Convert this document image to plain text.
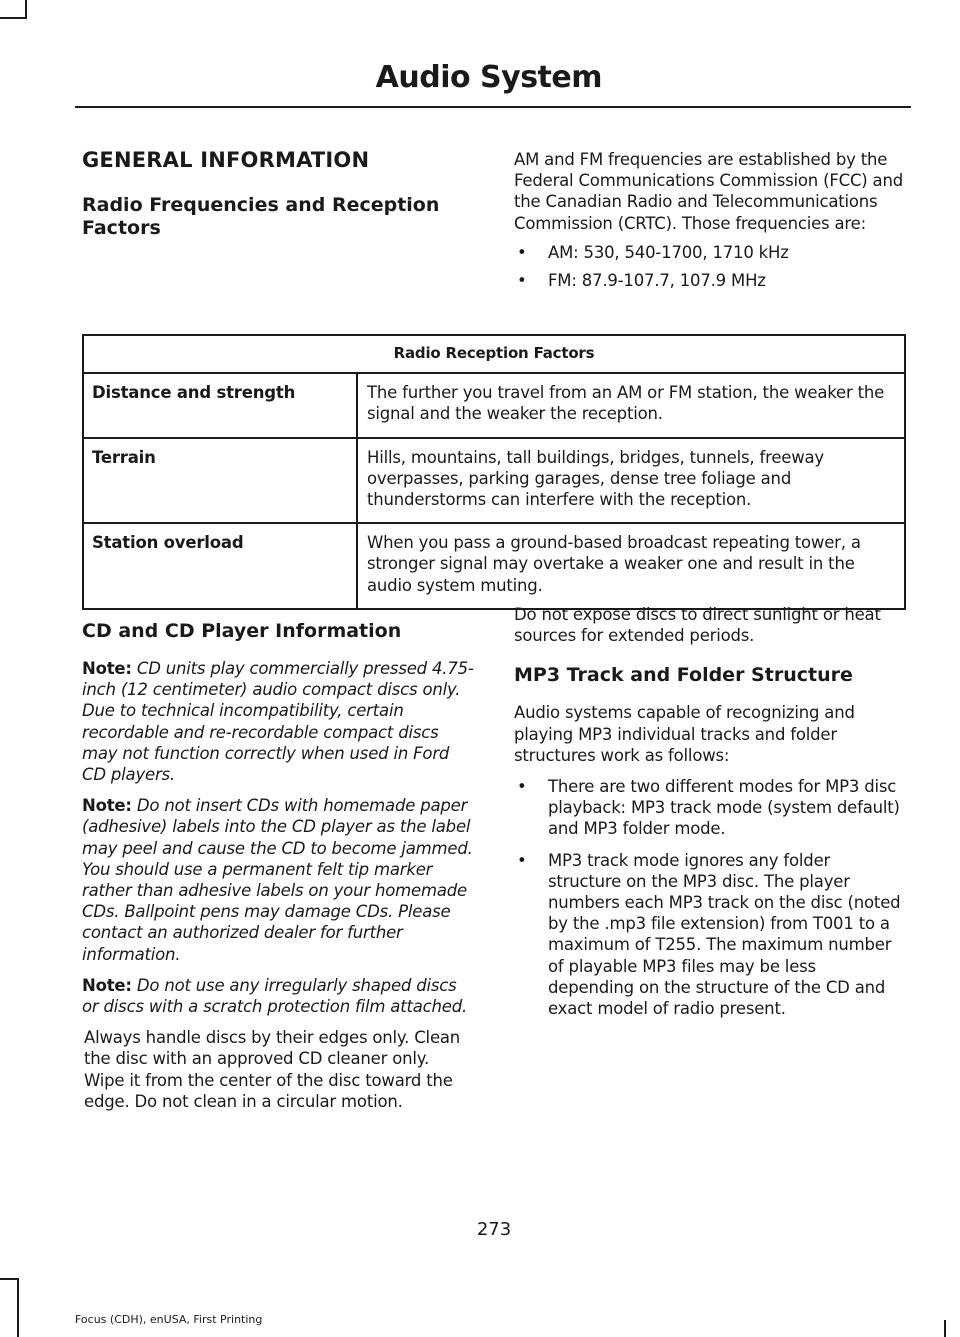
Audio System
GENERAL INFORMATION
Radio Frequencies and Reception Factors

AM and FM frequencies are established by the Federal Communications Commission (FCC) and the Canadian Radio and Telecommunications Commission (CRTC). Those frequencies are:

• AM: 530, 540-1700, 1710 kHz
• FM: 87.9-107.7, 107.9 MHz
Radio Reception Factors	
Distance and strength	The further you travel from an AM or FM station, the weaker the signal and the weaker the reception.
Terrain	Hills, mountains, tall buildings, bridges, tunnels, freeway overpasses, parking garages, dense tree foliage and thunderstorms can interfere with the reception.
Station overload	When you pass a ground-based broadcast repeating tower, a stronger signal may overtake a weaker one and result in the audio system muting.
CD and CD Player Information

Note: CD units play commercially pressed 4.75-inch (12 centimeter) audio compact discs only. Due to technical incompatibility, certain recordable and re-recordable compact discs may not function correctly when used in Ford CD players.

Note: Do not insert CDs with homemade paper (adhesive) labels into the CD player as the label may peel and cause the CD to become jammed. You should use a permanent felt tip marker rather than adhesive labels on your homemade CDs. Ballpoint pens may damage CDs. Please contact an authorized dealer for further information.

Note: Do not use any irregularly shaped discs or discs with a scratch protection film attached.

Always handle discs by their edges only. Clean the disc with an approved CD cleaner only. Wipe it from the center of the disc toward the edge. Do not clean in a circular motion.

Do not expose discs to direct sunlight or heat sources for extended periods.

MP3 Track and Folder Structure

Audio systems capable of recognizing and playing MP3 individual tracks and folder structures work as follows:

• There are two different modes for MP3 disc playback: MP3 track mode (system default) and MP3 folder mode.
• MP3 track mode ignores any folder structure on the MP3 disc. The player numbers each MP3 track on the disc (noted by the .mp3 file extension) from T001 to a maximum of T255. The maximum number of playable MP3 files may be less depending on the structure of the CD and exact model of radio present.
273
Focus (CDH), enUSA, First Printing
